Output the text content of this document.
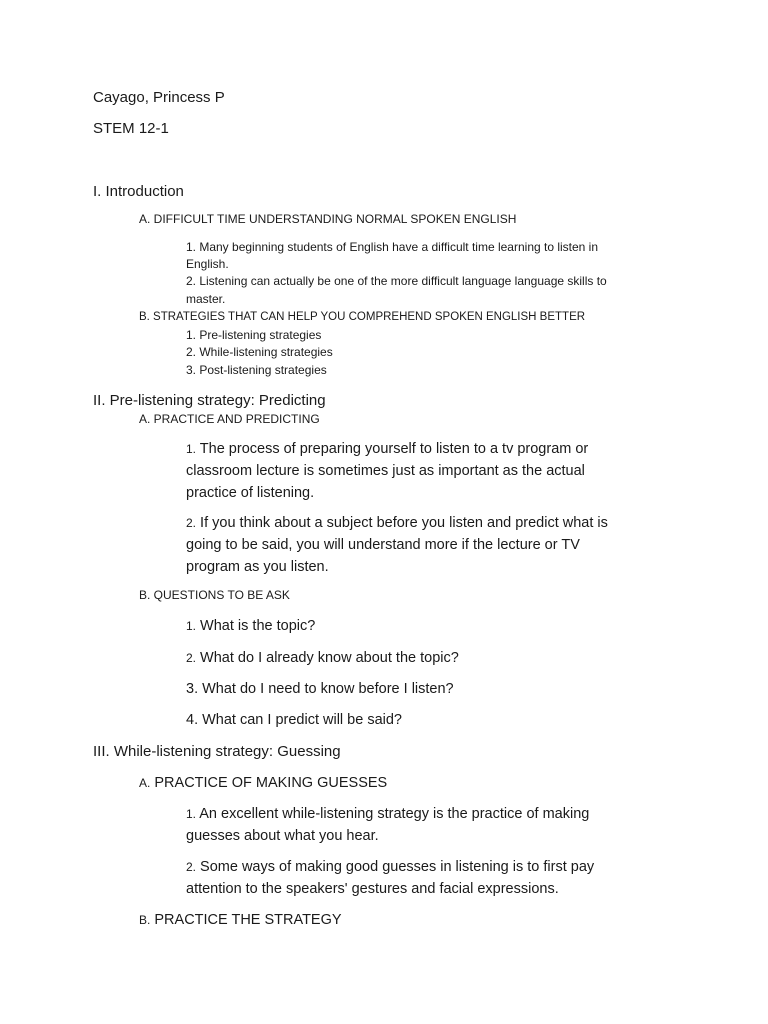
Cayago, Princess P
STEM 12-1
I. Introduction
A. DIFFICULT TIME UNDERSTANDING NORMAL SPOKEN ENGLISH
1. Many beginning students of English have a difficult time learning to listen in
English.
2. Listening can actually be one of the more difficult language language skills to
master.
B. STRATEGIES THAT CAN HELP YOU COMPREHEND SPOKEN ENGLISH BETTER
1. Pre-listening strategies
2. While-listening strategies
3. Post-listening strategies
II. Pre-listening strategy: Predicting
A. PRACTICE AND PREDICTING
1. The process of preparing yourself to listen to a tv program or
classroom lecture is sometimes just as important as the actual
practice of listening.
2. If you think about a subject before you listen and predict what is
going to be said, you will understand more if the lecture or TV
program as you listen.
B. QUESTIONS TO BE ASK
1. What is the topic?
2. What do I already know about the topic?
3. What do I need to know before I listen?
4. What can I predict will be said?
III. While-listening strategy: Guessing
A. PRACTICE OF MAKING GUESSES
1. An excellent while-listening strategy is the practice of making
guesses about what you hear.
2. Some ways of making good guesses in listening is to first pay
attention to the speakers' gestures and facial expressions.
B. PRACTICE THE STRATEGY
